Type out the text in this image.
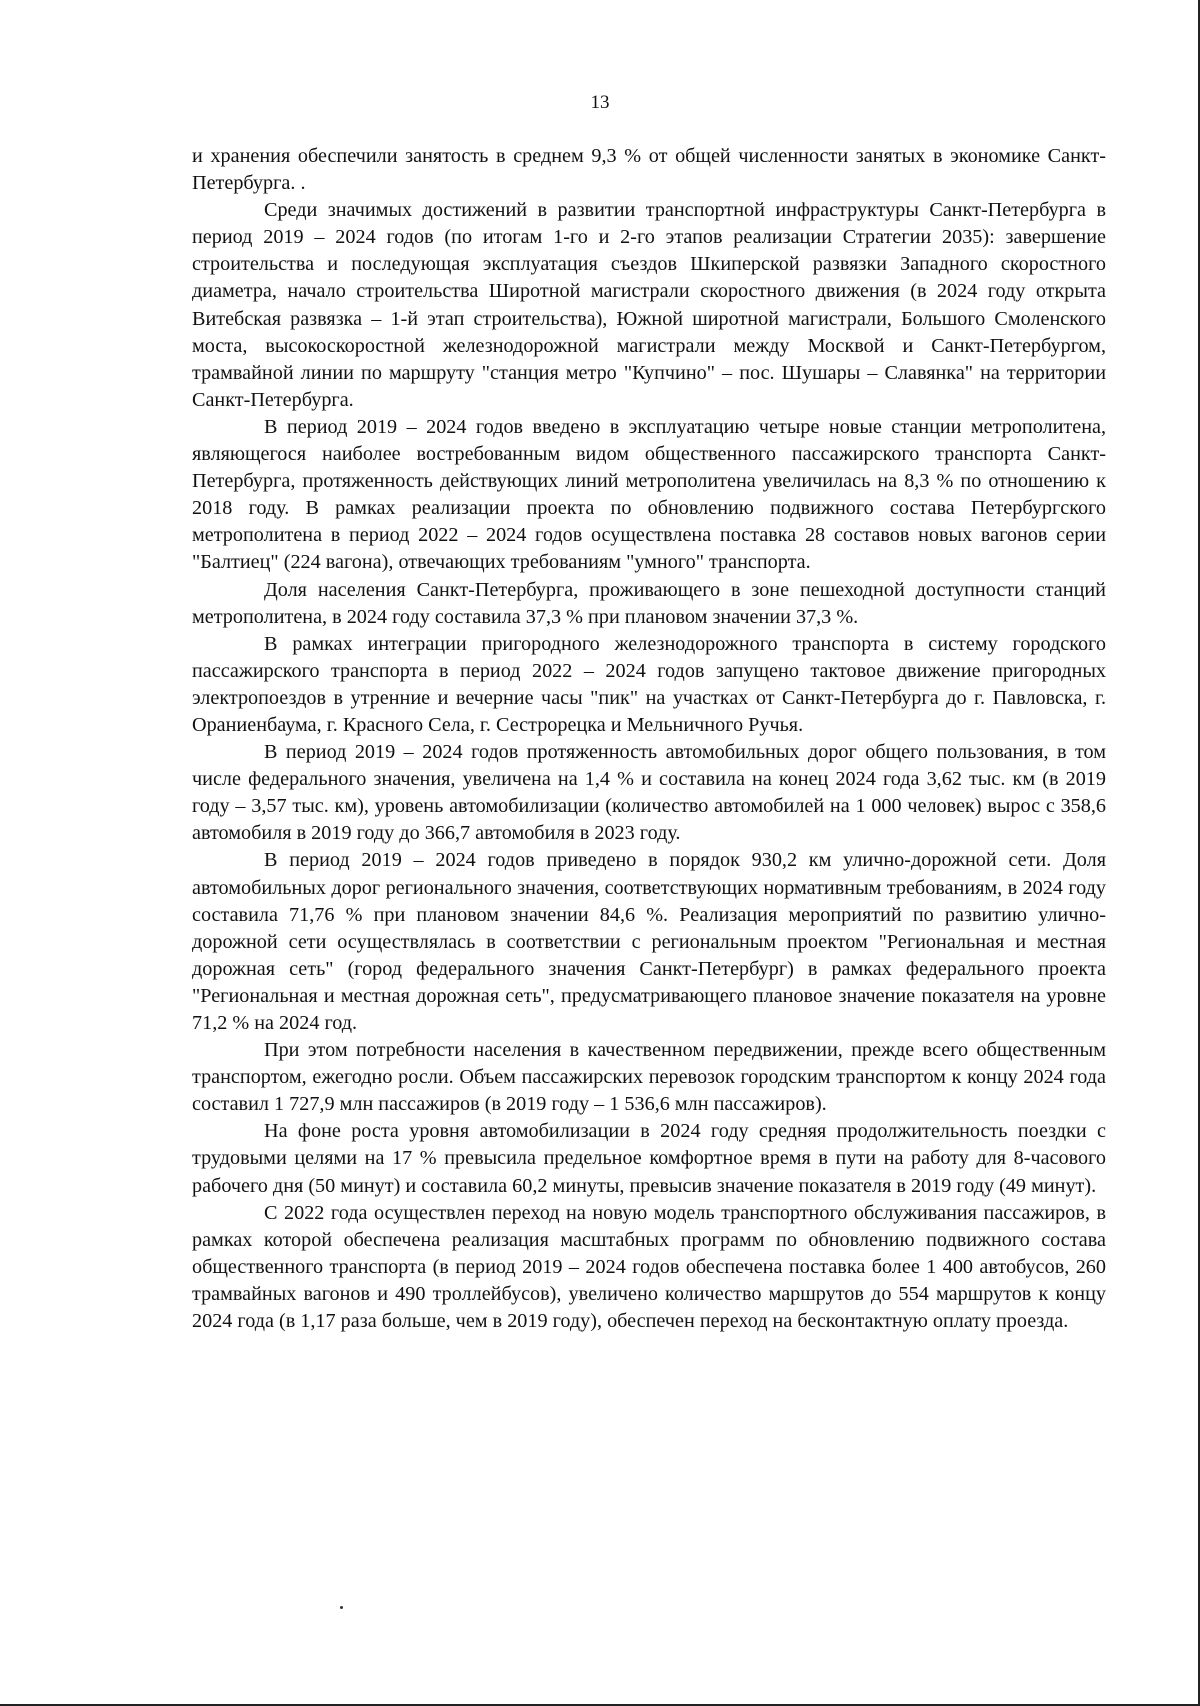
13

и хранения обеспечили занятость в среднем 9,3 % от общей численности занятых в экономике Санкт-Петербурга. .

Среди значимых достижений в развитии транспортной инфраструктуры Санкт-Петербурга в период 2019 – 2024 годов (по итогам 1-го и 2-го этапов реализации Стратегии 2035): завершение строительства и последующая эксплуатация съездов Шкиперской развязки Западного скоростного диаметра, начало строительства Широтной магистрали скоростного движения (в 2024 году открыта Витебская развязка – 1-й этап строительства), Южной широтной магистрали, Большого Смоленского моста, высокоскоростной железнодорожной магистрали между Москвой и Санкт-Петербургом, трамвайной линии по маршруту "станция метро "Купчино" – пос. Шушары – Славянка" на территории Санкт-Петербурга.

В период 2019 – 2024 годов введено в эксплуатацию четыре новые станции метрополитена, являющегося наиболее востребованным видом общественного пассажирского транспорта Санкт-Петербурга, протяженность действующих линий метрополитена увеличилась на 8,3 % по отношению к 2018 году. В рамках реализации проекта по обновлению подвижного состава Петербургского метрополитена в период 2022 – 2024 годов осуществлена поставка 28 составов новых вагонов серии "Балтиец" (224 вагона), отвечающих требованиям "умного" транспорта.

Доля населения Санкт-Петербурга, проживающего в зоне пешеходной доступности станций метрополитена, в 2024 году составила 37,3 % при плановом значении 37,3 %.

В рамках интеграции пригородного железнодорожного транспорта в систему городского пассажирского транспорта в период 2022 – 2024 годов запущено тактовое движение пригородных электропоездов в утренние и вечерние часы "пик" на участках от Санкт-Петербурга до г. Павловска, г. Ораниенбаума, г. Красного Села, г. Сестрорецка и Мельничного Ручья.

В период 2019 – 2024 годов протяженность автомобильных дорог общего пользования, в том числе федерального значения, увеличена на 1,4 % и составила на конец 2024 года 3,62 тыс. км (в 2019 году – 3,57 тыс. км), уровень автомобилизации (количество автомобилей на 1 000 человек) вырос с 358,6 автомобиля в 2019 году до 366,7 автомобиля в 2023 году.

В период 2019 – 2024 годов приведено в порядок 930,2 км улично-дорожной сети. Доля автомобильных дорог регионального значения, соответствующих нормативным требованиям, в 2024 году составила 71,76 % при плановом значении 84,6 %. Реализация мероприятий по развитию улично-дорожной сети осуществлялась в соответствии с региональным проектом "Региональная и местная дорожная сеть" (город федерального значения Санкт-Петербург) в рамках федерального проекта "Региональная и местная дорожная сеть", предусматривающего плановое значение показателя на уровне 71,2 % на 2024 год.

При этом потребности населения в качественном передвижении, прежде всего общественным транспортом, ежегодно росли. Объем пассажирских перевозок городским транспортом к концу 2024 года составил 1 727,9 млн пассажиров (в 2019 году – 1 536,6 млн пассажиров).

На фоне роста уровня автомобилизации в 2024 году средняя продолжительность поездки с трудовыми целями на 17 % превысила предельное комфортное время в пути на работу для 8-часового рабочего дня (50 минут) и составила 60,2 минуты, превысив значение показателя в 2019 году (49 минут).

С 2022 года осуществлен переход на новую модель транспортного обслуживания пассажиров, в рамках которой обеспечена реализация масштабных программ по обновлению подвижного состава общественного транспорта (в период 2019 – 2024 годов обеспечена поставка более 1 400 автобусов, 260 трамвайных вагонов и 490 троллейбусов), увеличено количество маршрутов до 554 маршрутов к концу 2024 года (в 1,17 раза больше, чем в 2019 году), обеспечен переход на бесконтактную оплату проезда.
